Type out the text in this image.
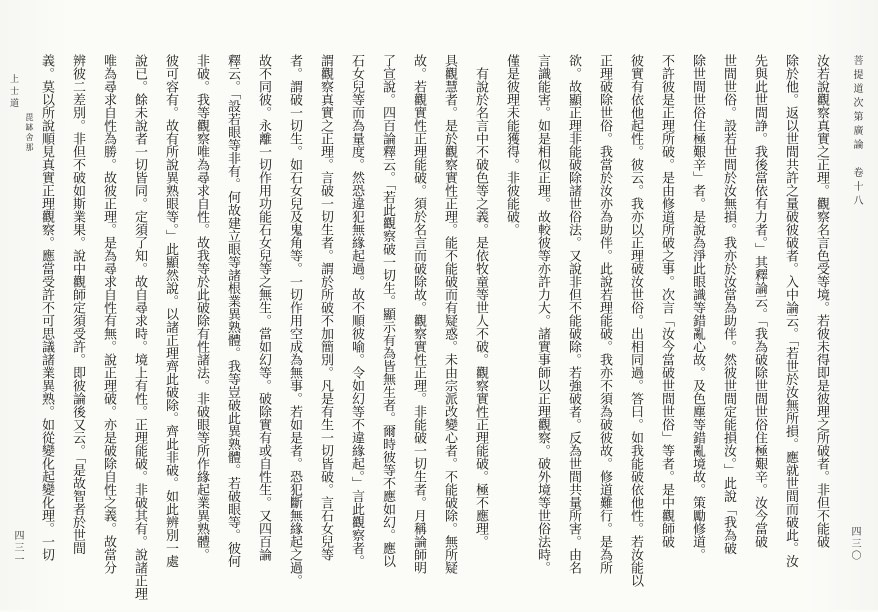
菩提道次第廣論　卷十八
上士道
毘缽舍那
四三〇
四三一	汝若說觀察真實之正理。觀察名言色受等境。若彼未得即是彼理之所破者。非但不能破
除於他。返以世間共許之量破彼破者。入中論云。「若世於汝無所損。應就世間而破此。汝
先與此世間諍。我後當依有力者。」其釋論云。「我為破除世間世俗住極艱辛。汝今當破
世間世俗。設若世間於汝無損。我亦於汝當為助伴。然彼世間定能損汝。」此說「我為破
除世間世俗住極艱辛」者。是說為淨此眼識等錯亂心故。及色塵等錯亂境故。策勵修道。
不許彼是正理所破。是由修道所破之事。次言「汝今當破世間世俗」等者。是中觀師破
彼實有依他起性。彼云。我亦以正理破汝世俗。出相同過。答曰。如我能破依他性。若汝能以
正理破除世俗。我當於汝亦為助伴。此說若理能破。我亦不須為破彼故。修道難行。是為所
欲。故顯正理非能破除諸世俗法。又說非但不能破除。若強破者。反為世間共量所害。由名
言識能害。如是相似正理。故較彼等亦許力大。諸實事師以正理觀察。破外境等世俗法時。
僅是彼理未能獲得。非彼能破。
　有說於名言中不破色等之義。是依牧童等世人不破。觀察實性正理能破。極不應理。
具觀慧者。是於觀察實性正理。能不能破而有疑惑。未由宗派改變心者。不能破除。無所疑
故。若觀實性正理能破。須於名言而破除故。觀察實性正理。非能破一切生者。月稱論師明
了宣說。四百論釋云。「若此觀察破一切生。顯示有為皆無生者。爾時彼等不應如幻。應以
石女兒等而為量度。然恐違犯無緣起過。故不順彼喻。令如幻等不違緣起。」言此觀察者。
謂觀察真實之正理。言破一切生者。謂於所破不加簡別。凡是有生一切皆破。言石女兒等
者。謂破一切生。如石女兒及鬼角等。一切作用空成為無事。若如是者。恐犯斷無緣起之過。
故不同彼。永離一切作用功能石女兒等之無生。當如幻等。破除實有或自性生。又四百論
釋云。「設若眼等非有。何故建立眼等諸根業異熟體。我等豈破此異熟體。若破眼等。彼何
非破。我等觀察唯為尋求自性。故我等於此破除有性諸法。非破眼等所作緣起業異熟體。
彼可容有。故有所說異熟眼等。」此顯然說。以諸正理齊此破除。齊此非破。如此辨別一處
說已。餘未說者一切皆同。定須了知。故自尋求時。境上有性。正理能破。非破其有。說諸正理
唯為尋求自性為勝。故彼正理。是為尋求自性有無。說正理破。亦是破除自性之義。故當分
辨彼二差別。非但不破如斯業果。說中觀師定須受許。即彼論後又云。「是故智者於世間
義。莫以所說順見真實正理觀察。應當受許不可思議諸業異熟。如從變化起變化理。一切
